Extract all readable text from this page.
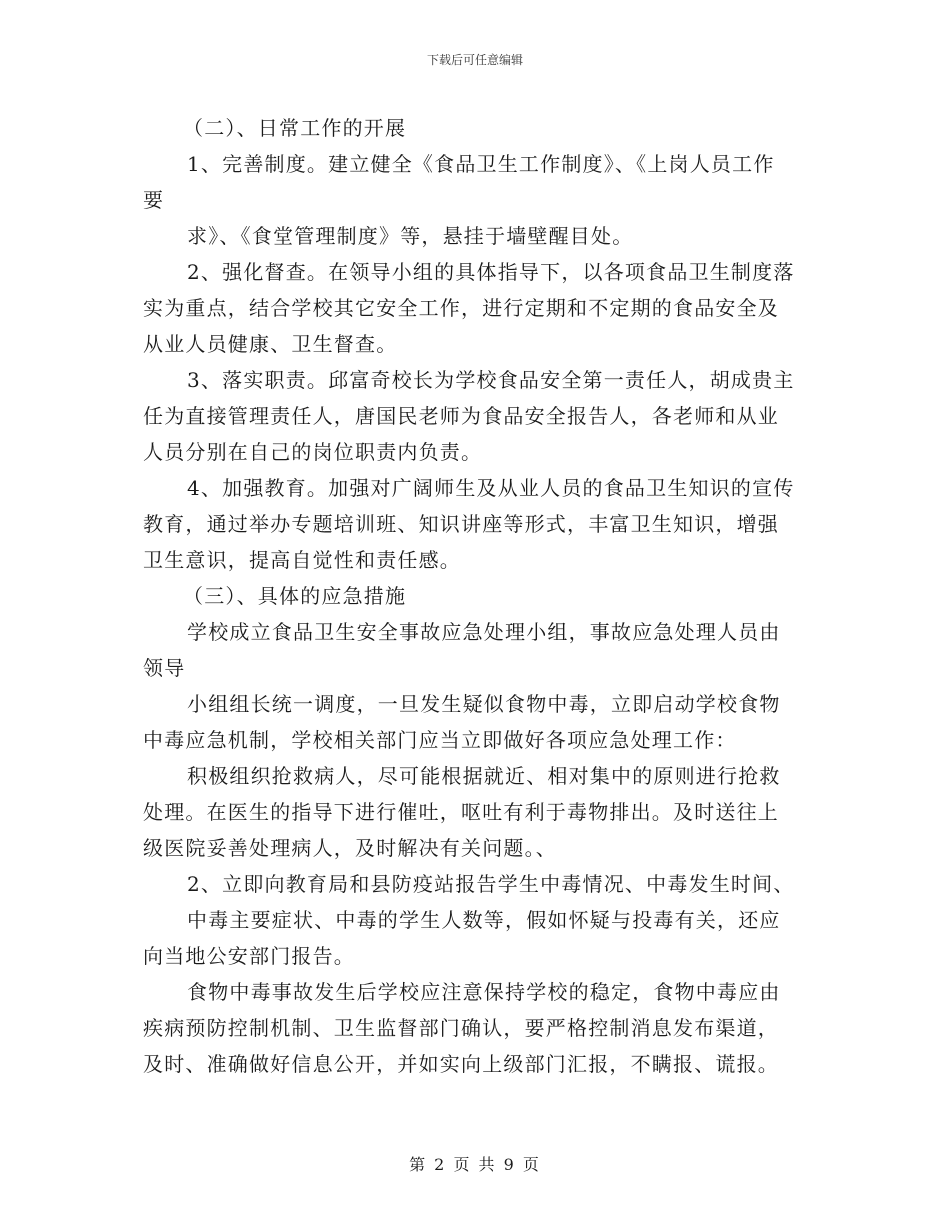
下载后可任意编辑
（二）、日常工作的开展
1、完善制度。建立健全《食品卫生工作制度》、《上岗人员工作
要
求》、《食堂管理制度》等，悬挂于墙壁醒目处。
2、强化督查。在领导小组的具体指导下，以各项食品卫生制度落
实为重点，结合学校其它安全工作，进行定期和不定期的食品安全及
从业人员健康、卫生督查。
3、落实职责。邱富奇校长为学校食品安全第一责任人，胡成贵主
任为直接管理责任人，唐国民老师为食品安全报告人，各老师和从业
人员分别在自己的岗位职责内负责。
4、加强教育。加强对广阔师生及从业人员的食品卫生知识的宣传
教育，通过举办专题培训班、知识讲座等形式，丰富卫生知识，增强
卫生意识，提高自觉性和责任感。
（三）、具体的应急措施
学校成立食品卫生安全事故应急处理小组，事故应急处理人员由
领导
小组组长统一调度，一旦发生疑似食物中毒，立即启动学校食物
中毒应急机制，学校相关部门应当立即做好各项应急处理工作：
积极组织抢救病人，尽可能根据就近、相对集中的原则进行抢救
处理。在医生的指导下进行催吐，呕吐有利于毒物排出。及时送往上
级医院妥善处理病人，及时解决有关问题。、
2、立即向教育局和县防疫站报告学生中毒情况、中毒发生时间、
中毒主要症状、中毒的学生人数等，假如怀疑与投毒有关，还应
向当地公安部门报告。
食物中毒事故发生后学校应注意保持学校的稳定，食物中毒应由
疾病预防控制机制、卫生监督部门确认，要严格控制消息发布渠道，
及时、准确做好信息公开，并如实向上级部门汇报，不瞒报、谎报。
第 2 页 共 9 页
